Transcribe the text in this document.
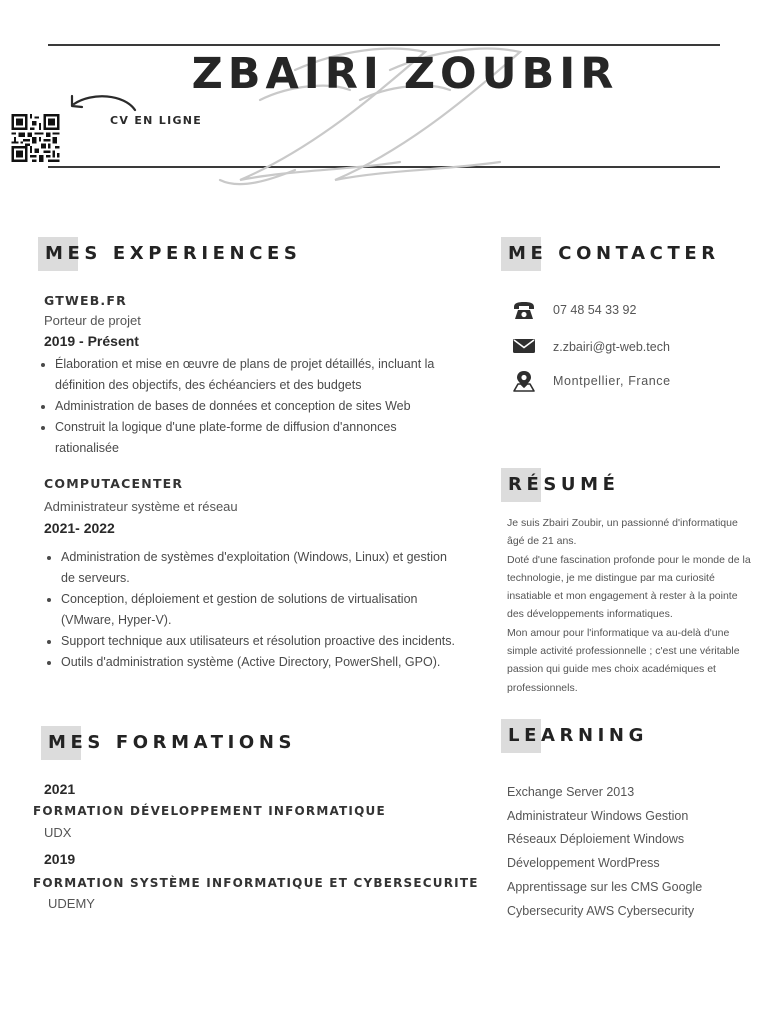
ZBAIRI ZOUBIR
CV EN LIGNE
MES EXPERIENCES
GTWEB.FR
Porteur de projet
2019 - Présent
• Élaboration et mise en œuvre de plans de projet détaillés, incluant la définition des objectifs, des échéanciers et des budgets
• Administration de bases de données et conception de sites Web
• Construit la logique d'une plate-forme de diffusion d'annonces rationalisée
COMPUTACENTER
Administrateur système et réseau
2021- 2022
• Administration de systèmes d'exploitation (Windows, Linux) et gestion de serveurs.
• Conception, déploiement et gestion de solutions de virtualisation (VMware, Hyper-V).
• Support technique aux utilisateurs et résolution proactive des incidents.
• Outils d'administration système (Active Directory, PowerShell, GPO).
MES FORMATIONS
2021
FORMATION DÉVELOPPEMENT INFORMATIQUE
UDX
2019
FORMATION SYSTÈME INFORMATIQUE ET CYBERSECURITE
UDEMY
ME CONTACTER
07 48 54 33 92
z.zbairi@gt-web.tech
Montpellier, France
RÉSUMÉ

Je suis Zbairi Zoubir, un passionné d'informatique âgé de 21 ans.

Doté d'une fascination profonde pour le monde de la technologie, je me distingue par ma curiosité insatiable et mon engagement à rester à la pointe des développements informatiques.

Mon amour pour l'informatique va au-delà d'une simple activité professionnelle ; c'est une véritable passion qui guide mes choix académiques et professionnels.

LEARNING
Exchange Server 2013
Administrateur Windows Gestion
Réseaux Déploiement Windows
Développement WordPress
Apprentissage sur les CMS Google
Cybersecurity AWS Cybersecurity
